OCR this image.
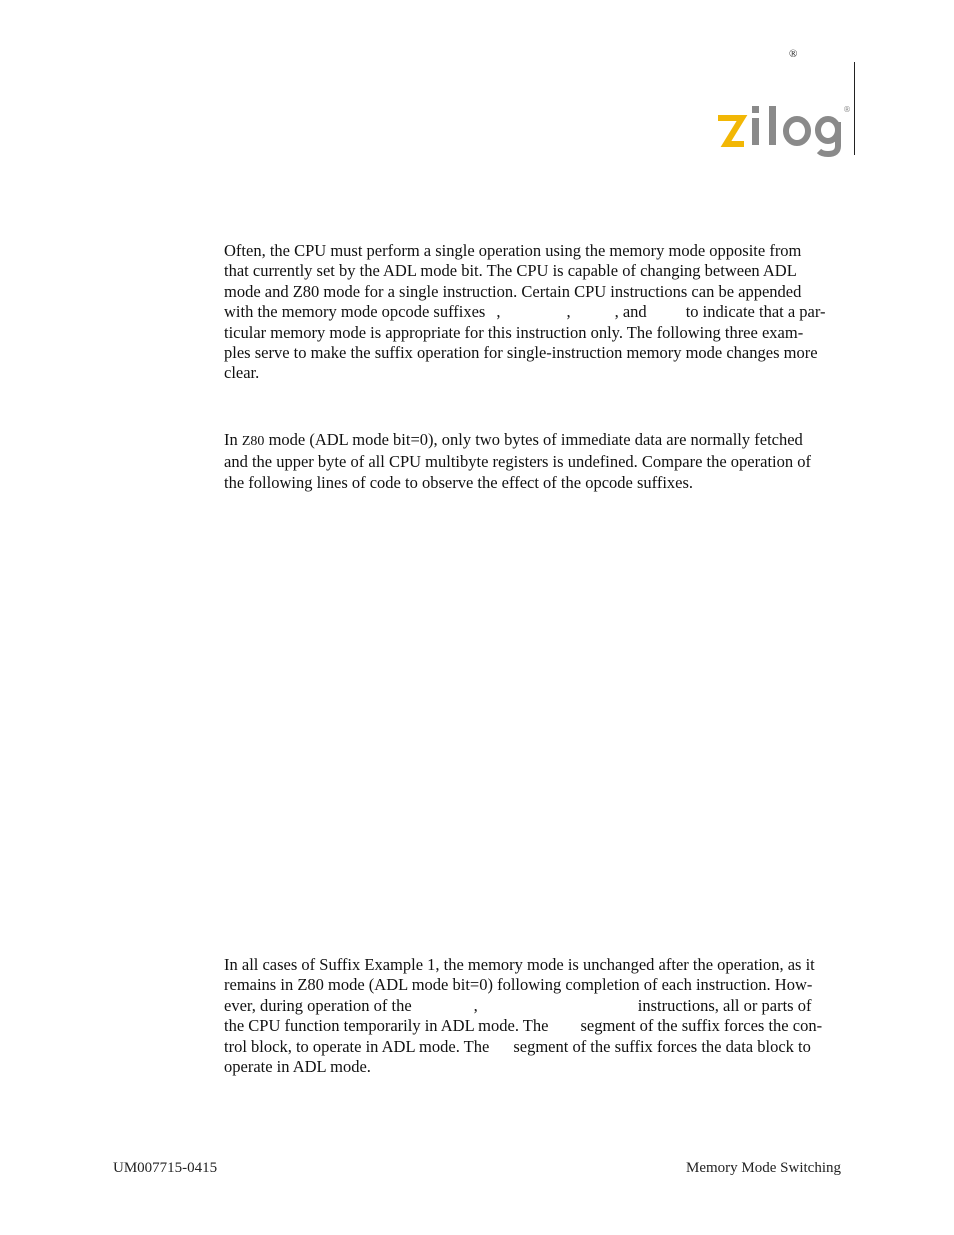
®
®
Often, the CPU must perform a single operation using the memory mode opposite from
that currently set by the ADL mode bit. The CPU is capable of changing between ADL
mode and Z80 mode for a single instruction. Certain CPU instructions can be appended
with the memory mode opcode suffixes ,	,	, and to indicate that a par-
ticular memory mode is appropriate for this instruction only. The following three exam-
ples serve to make the suffix operation for single-instruction memory mode changes more
clear.
In Z80 mode (ADL mode bit=0), only two bytes of immediate data are normally fetched
and the upper byte of all CPU multibyte registers is undefined. Compare the operation of
the following lines of code to observe the effect of the opcode suffixes.
In all cases of Suffix Example 1, the memory mode is unchanged after the operation, as it
remains in Z80 mode (ADL mode bit=0) following completion of each instruction. How-
ever, during operation of the	,	instructions, all or parts of
the CPU function temporarily in ADL mode. The segment of the suffix forces the con-
trol block, to operate in ADL mode. The segment of the suffix forces the data block to
operate in ADL mode.
UM007715-0415	Memory Mode Switching
